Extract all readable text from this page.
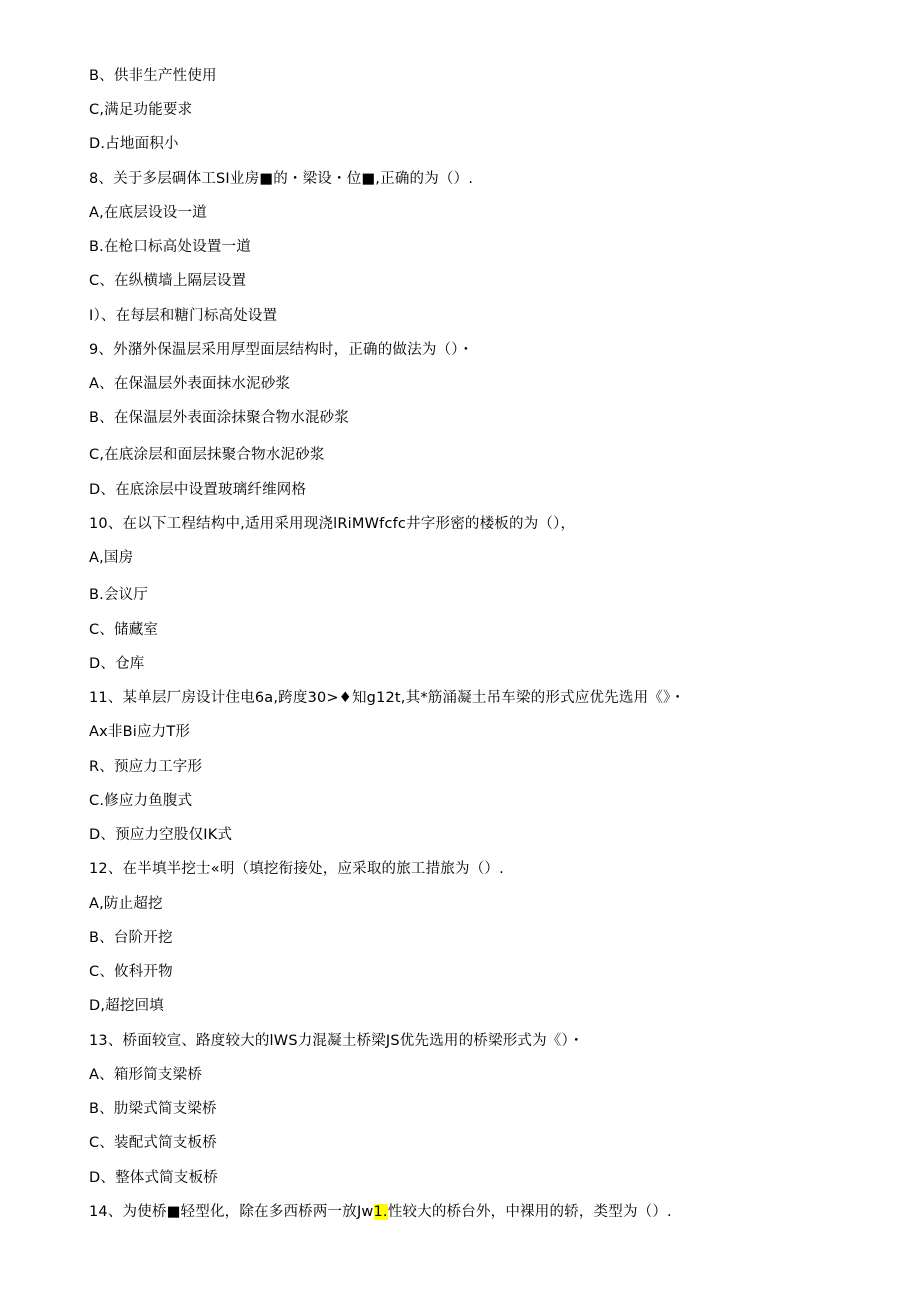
B、供非生产性使用
C,满足功能要求
D.占地面积小
8、关于多层碉体工SI业房■的・梁设・位■,正确的为（）.
A,在底层设设一道
B.在枪口标高处设置一道
C、在纵横墙上隔层设置
I）、在每层和糖门标高处设置
9、外潴外保温层采用厚型面层结构时，正确的做法为（）・
A、在保温层外表面抹水泥砂浆
B、在保温层外表面涂抹聚合物水混砂浆
C,在底涂层和面层抹聚合物水泥砂浆
D、在底涂层中设置玻璃纤维网格
10、在以下工程结构中,适用采用现浇lRiMWfcfc井字形密的楼板的为（），
A,国房
B.会议厅
C、储藏室
D、仓库
11、某单层厂房设计住电6a,跨度30>♦知g12t,其*筋涌凝土吊车梁的形式应优先选用《》・
Ax非Bi应力T形
R、预应力工字形
C.修应力鱼腹式
D、预应力空股仅IK式
12、在半填半挖士«明（填挖衔接处，应采取的旅工措旅为（）.
A,防止超挖
B、台阶开挖
C、攸科开物
D,超挖回填
13、桥面较宣、路度较大的lWS力混凝土桥梁JS优先选用的桥梁形式为《）・
A、箱形简支梁桥
B、肋梁式简支梁桥
C、装配式简支板桥
D、整体式简支板桥
14、为使桥■轻型化，除在多西桥两一放Jw1.性较大的桥台外，中裸用的轿，类型为（）.
